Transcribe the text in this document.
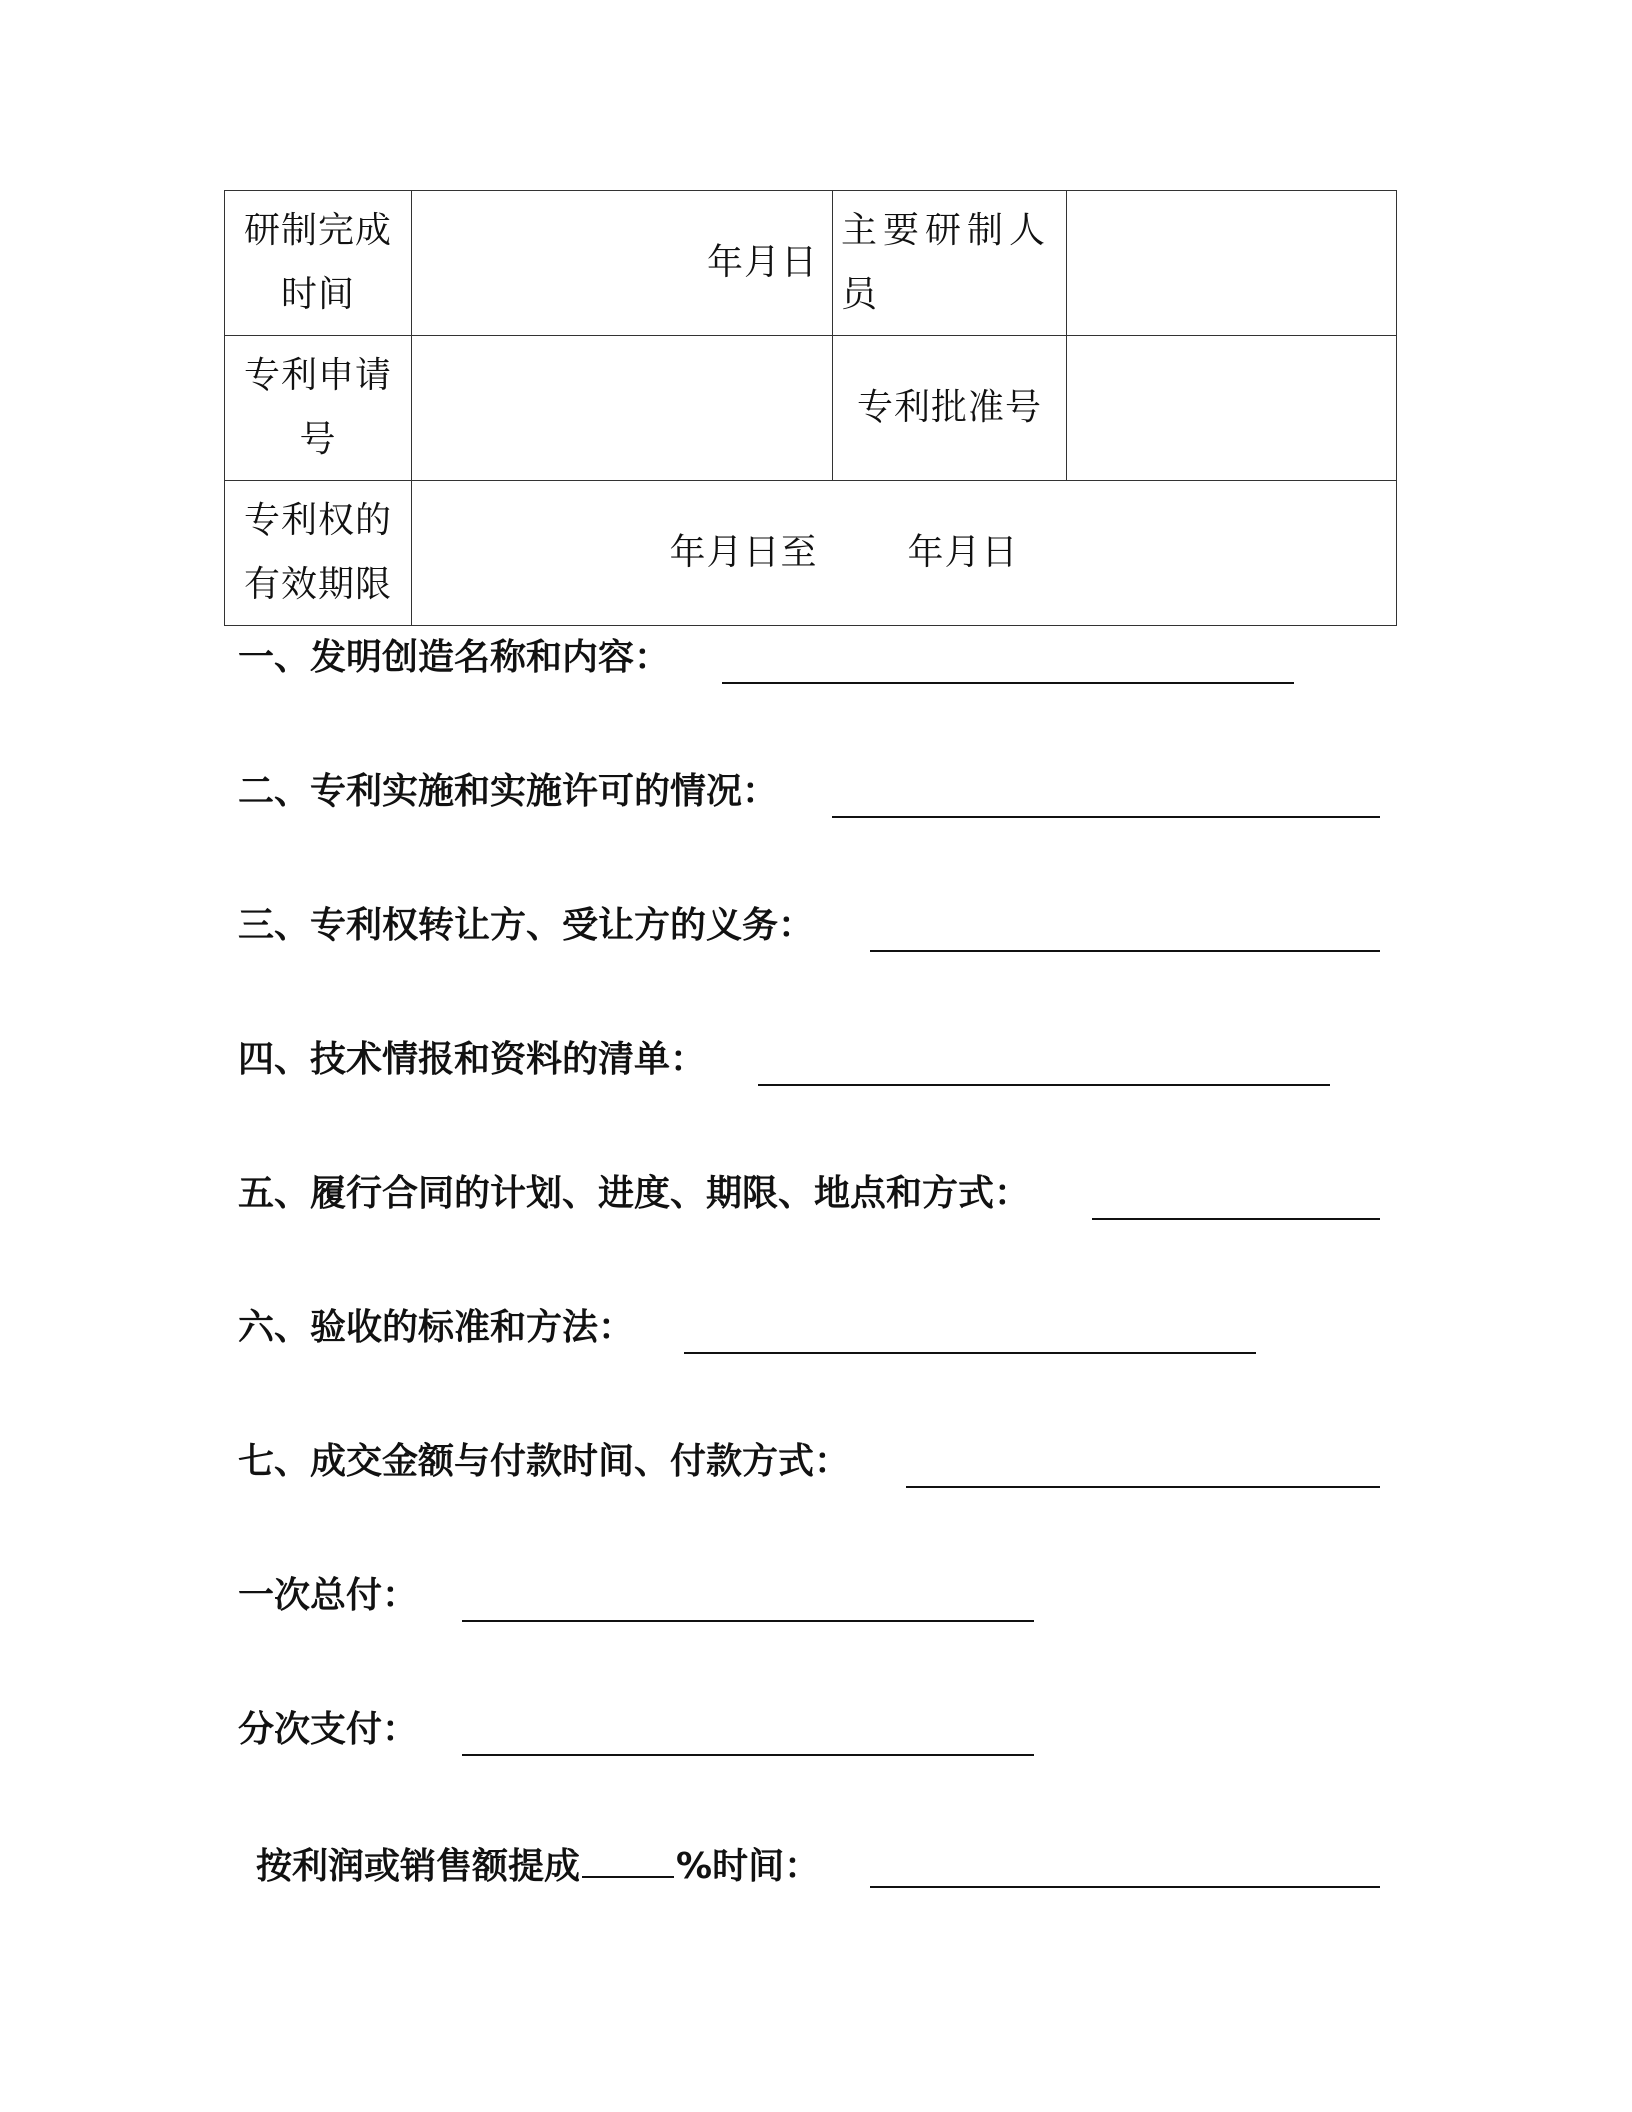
研制完成时间	年月日	主要研制人员	
专利申请号		专利批准号	
专利权的有效期限	年月日至 年月日		
一、发明创造名称和内容：
二、专利实施和实施许可的情况：
三、专利权转让方、受让方的义务：
四、技术情报和资料的清单：
五、履行合同的计划、进度、期限、地点和方式：
六、验收的标准和方法：
七、成交金额与付款时间、付款方式：
一次总付：
分次支付：
按利润或销售额提成	%时间：
